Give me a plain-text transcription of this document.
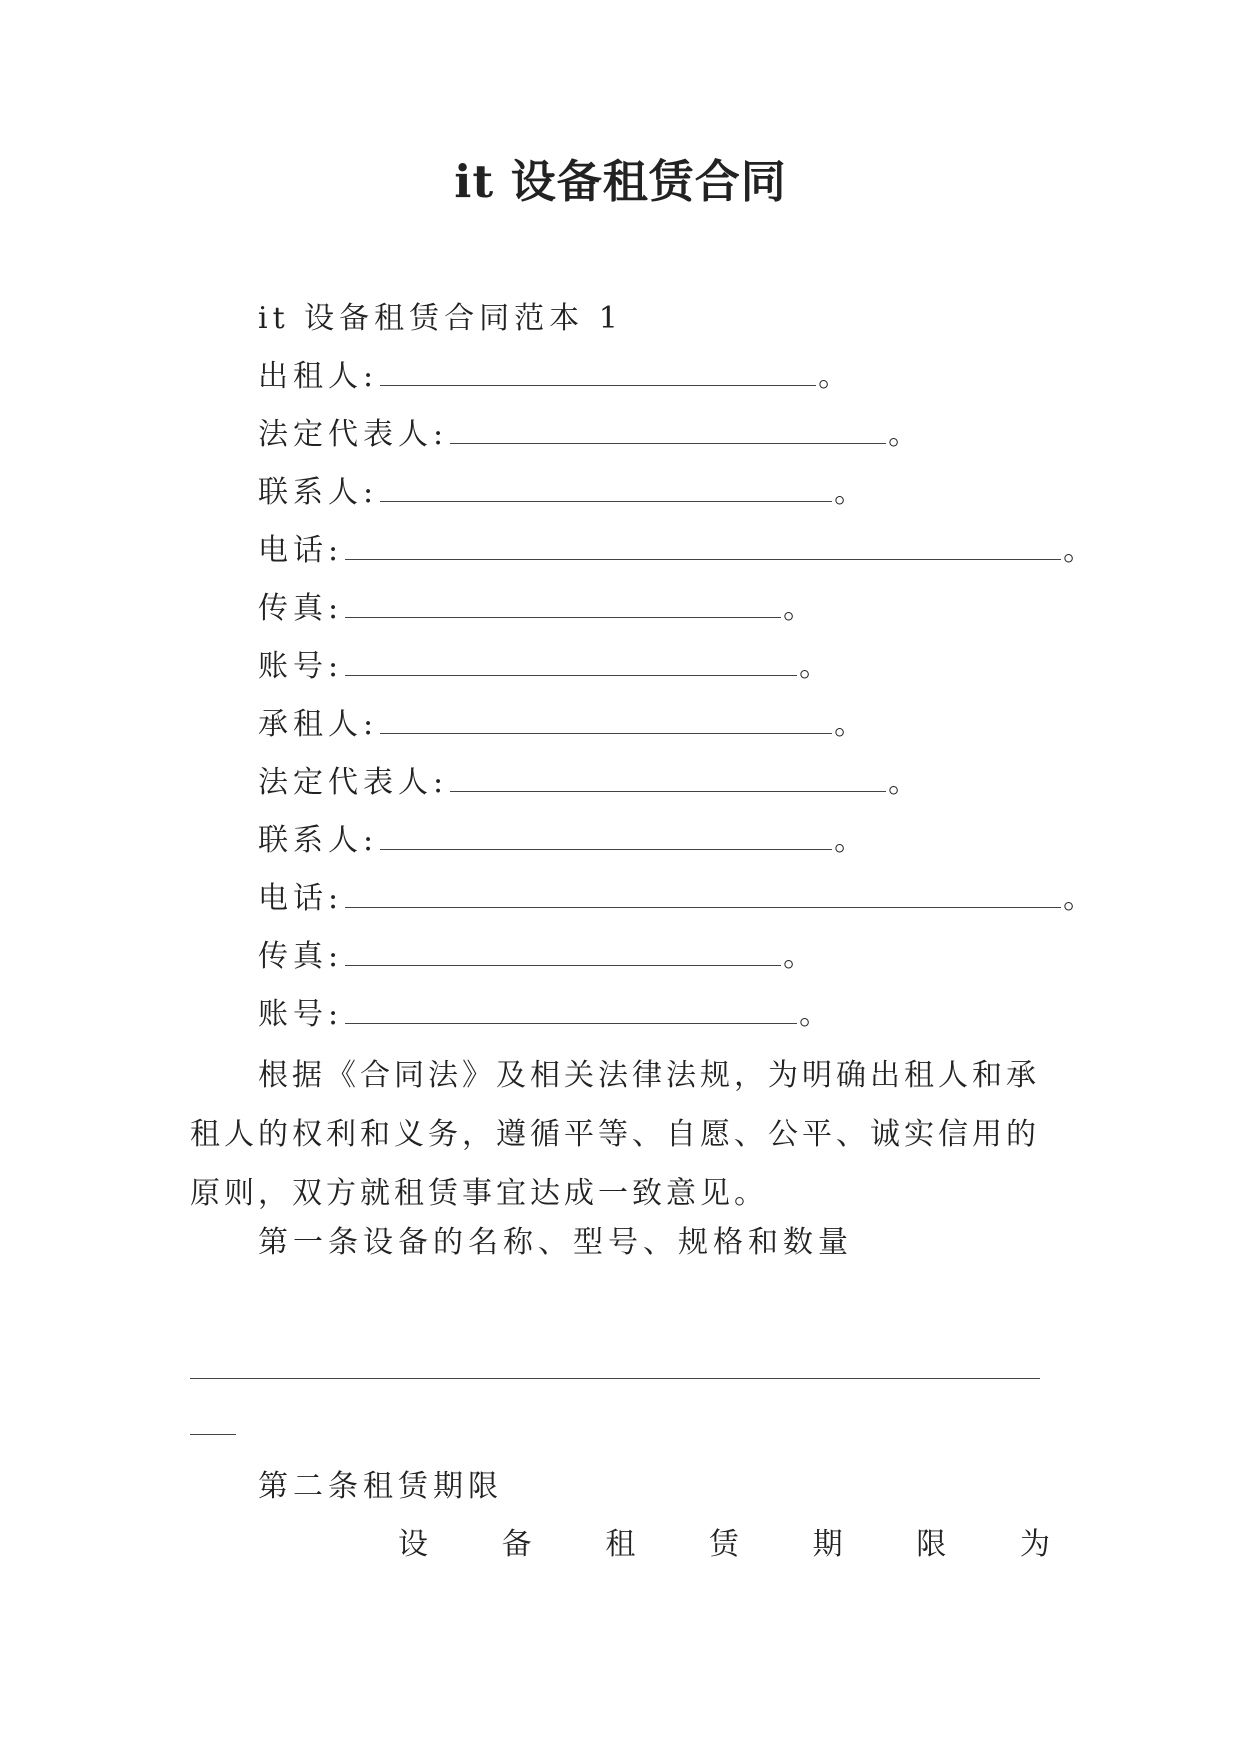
it 设备租赁合同
it 设备租赁合同范本 1
出租人:	。
法定代表人:	。
联系人:	。
电话:	。
传真:	。
账号:	。
承租人:	。
法定代表人:	。
联系人:	。
电话:	。
传真:	。
账号:	。

根据《合同法》及相关法律法规，为明确出租人和承租人的权利和义务，遵循平等、自愿、公平、诚实信用的原则，双方就租赁事宜达成一致意见。

第一条设备的名称、型号、规格和数量
第二条租赁期限
设 备 租 赁 期 限 为
